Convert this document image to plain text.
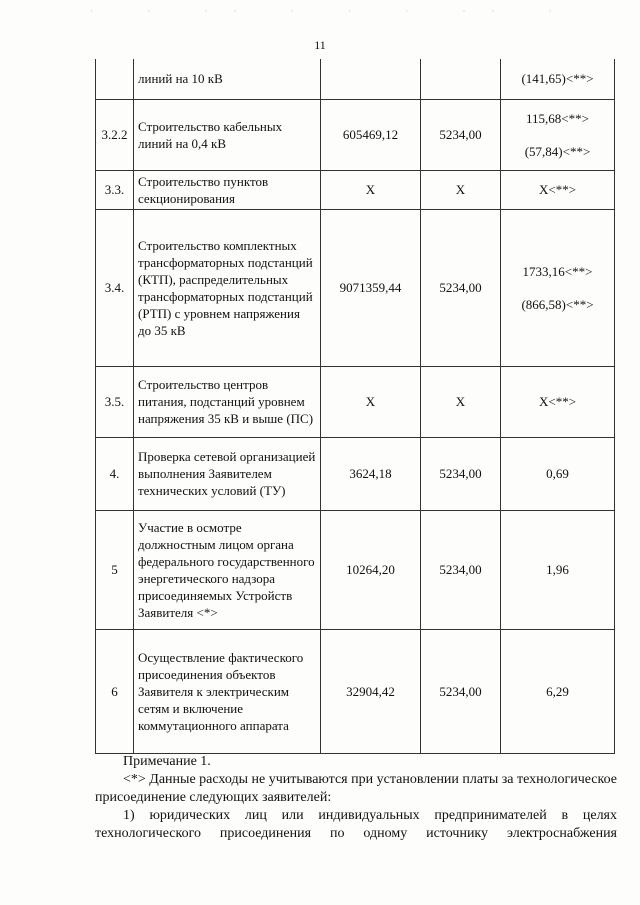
· · ·· · · · ·· ·
11
	линий на 10 кВ			(141,65)<**>
3.2.2	Строительство кабельных линий на 0,4 кВ	605469,12	5234,00	115,68<**>
(57,84)<**>

3.3.	Строительство пунктов секционирования	Х	Х	Х<**>
3.4.	Строительство комплектных трансформаторных подстанций (КТП), распределительных трансформаторных подстанций (РТП) с уровнем напряжения до 35 кВ	9071359,44	5234,00	1733,16<**>
(866,58)<**>

3.5.	Строительство центров питания, подстанций уровнем напряжения 35 кВ и выше (ПС)	Х	Х	Х<**>
4.	Проверка сетевой организацией выполнения Заявителем технических условий (ТУ)	3624,18	5234,00	0,69
5	Участие в осмотре должностным лицом органа федерального государственного энергетического надзора присоединяемых Устройств Заявителя <*>	10264,20	5234,00	1,96
6	Осуществление фактического присоединения объектов Заявителя к электрическим сетям и включение коммутационного аппарата	32904,42	5234,00	6,29

Примечание 1.

<*> Данные расходы не учитываются при установлении платы за технологическое присоединение следующих заявителей:

1) юридических лиц или индивидуальных предпринимателей в целях технологического присоединения по одному источнику электроснабжения
